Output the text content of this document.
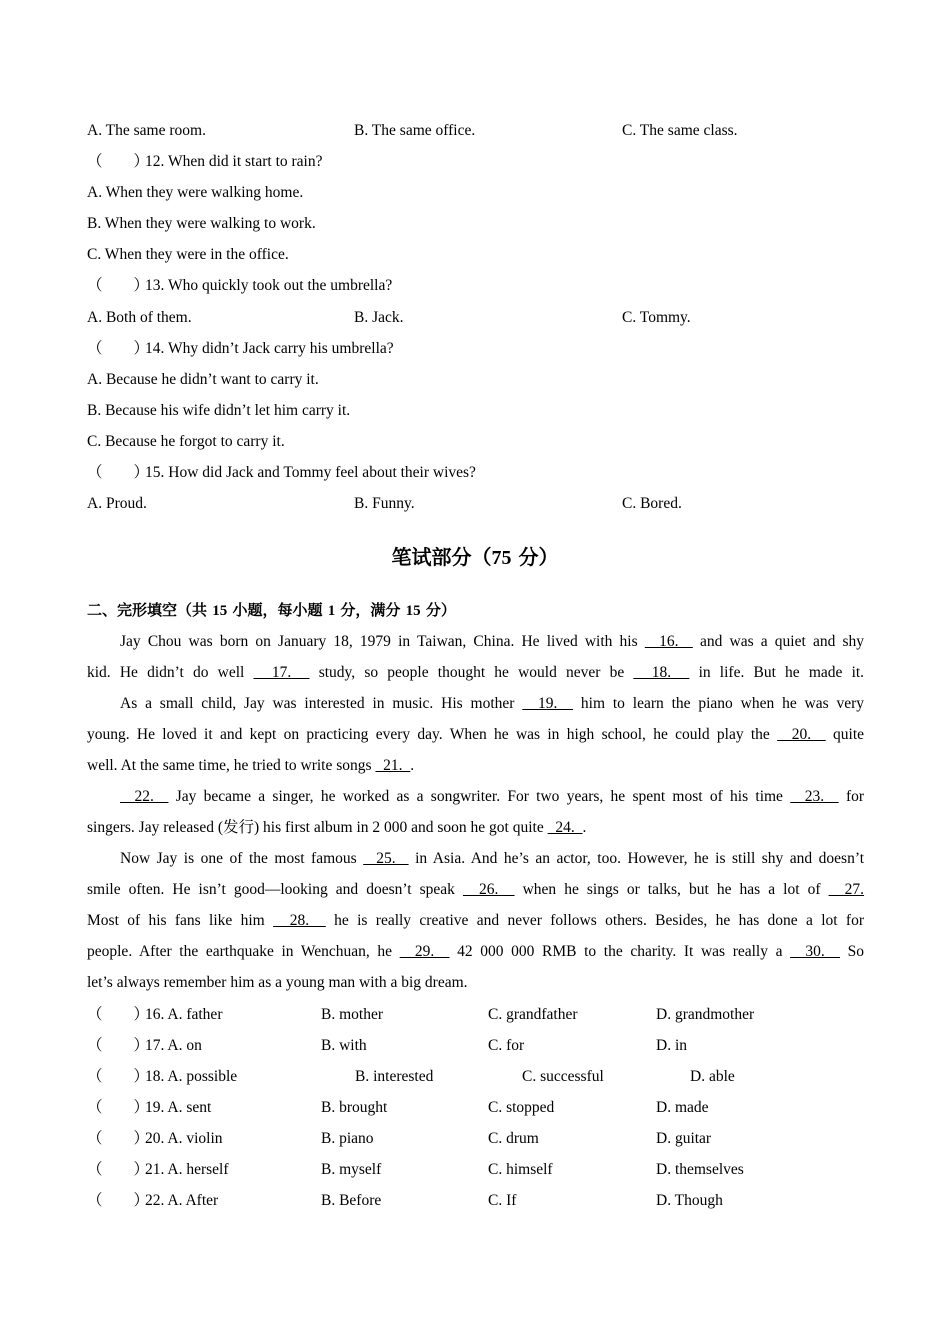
A. The same room.	B. The same office.	C. The same class.
（　　）12. When did it start to rain?
A. When they were walking home.
B. When they were walking to work.
C. When they were in the office.
（　　）13. Who quickly took out the umbrella?
A. Both of them.	B. Jack.	C. Tommy.
（　　）14. Why didn’t Jack carry his umbrella?
A. Because he didn’t want to carry it.
B. Because his wife didn’t let him carry it.
C. Because he forgot to carry it.
（　　）15. How did Jack and Tommy feel about their wives?
A. Proud.	B. Funny.	C. Bored.
笔试部分（75 分）
二、完形填空（共 15 小题，每小题 1 分，满分 15 分）
Jay Chou was born on January 18, 1979 in Taiwan, China. He lived with his   16.   and was a quiet and shy
kid. He didn’t do well   17.   study, so people thought he would never be   18.   in life. But he made it.
As a small child, Jay was interested in music. His mother   19.   him to learn the piano when he was very
young. He loved it and kept on practicing every day. When he was in high school, he could play the   20.   quite
well. At the same time, he tried to write songs   21.  .
22.   Jay became a singer, he worked as a songwriter. For two years, he spent most of his time   23.   for
singers. Jay released (发行) his first album in 2 000 and soon he got quite   24.  .
Now Jay is one of the most famous   25.   in Asia. And he’s an actor, too. However, he is still shy and doesn’t
smile often. He isn’t good—looking and doesn’t speak   26.   when he sings or talks, but he has a lot of   27.
Most of his fans like him   28.   he is really creative and never follows others. Besides, he has done a lot for
people. After the earthquake in Wenchuan, he   29.   42 000 000 RMB to the charity. It was really a   30.   So
let’s always remember him as a young man with a big dream.
（　　）16. A. father	B. mother	C. grandfather	D. grandmother
（　　）17. A. on	B. with	C. for	D. in
（　　）18. A. possible	B. interested	C. successful	D. able
（　　）19. A. sent	B. brought	C. stopped	D. made
（　　）20. A. violin	B. piano	C. drum	D. guitar
（　　）21. A. herself	B. myself	C. himself	D. themselves
（　　）22. A. After	B. Before	C. If	D. Though
